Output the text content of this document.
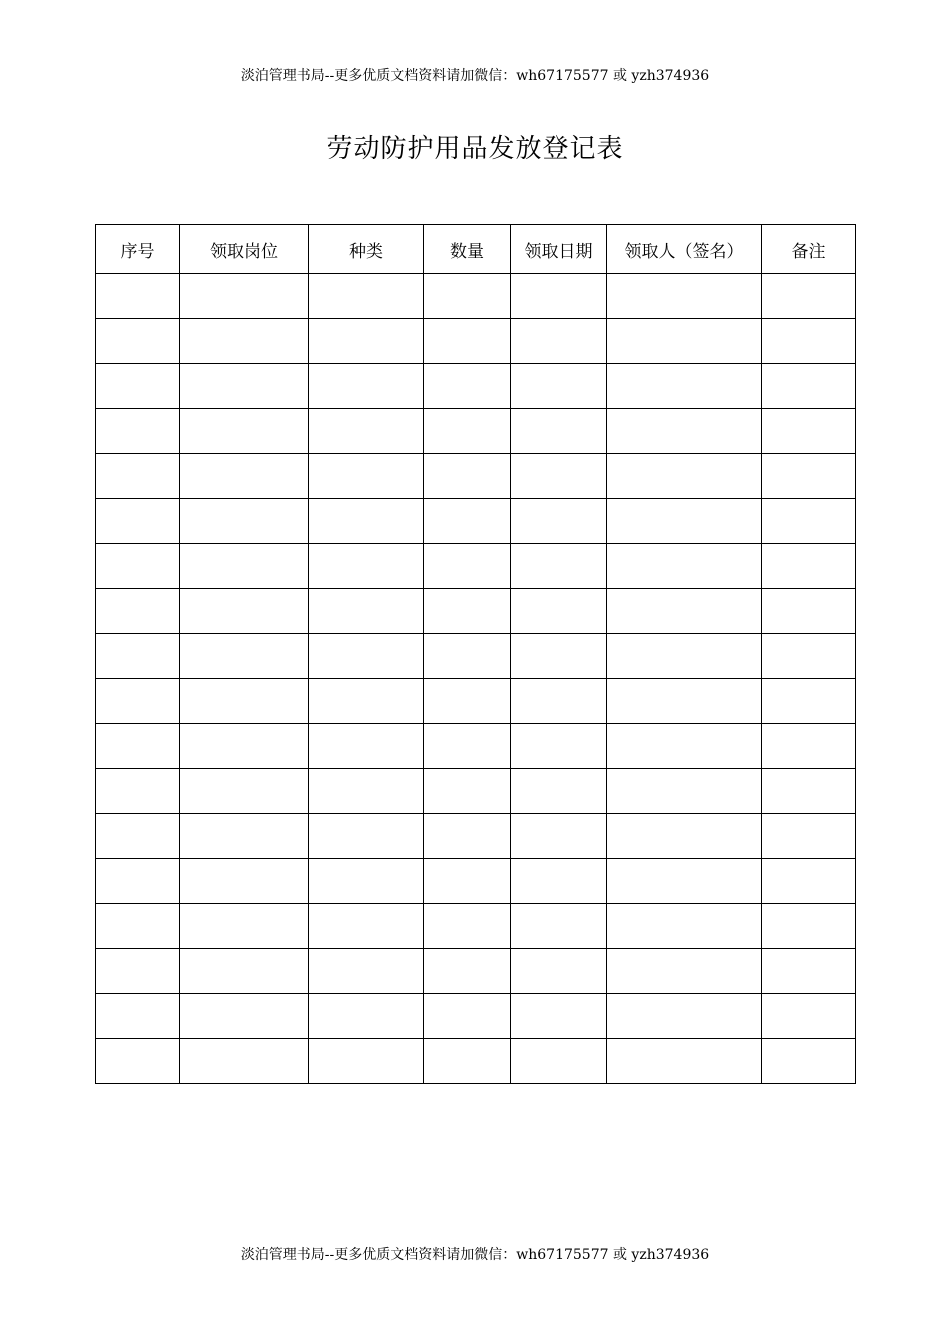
淡泊管理书局--更多优质文档资料请加微信：wh67175577 或 yzh374936
劳动防护用品发放登记表
序号	领取岗位	种类	数量	领取日期	领取人（签名）	备注

淡泊管理书局--更多优质文档资料请加微信：wh67175577 或 yzh374936
